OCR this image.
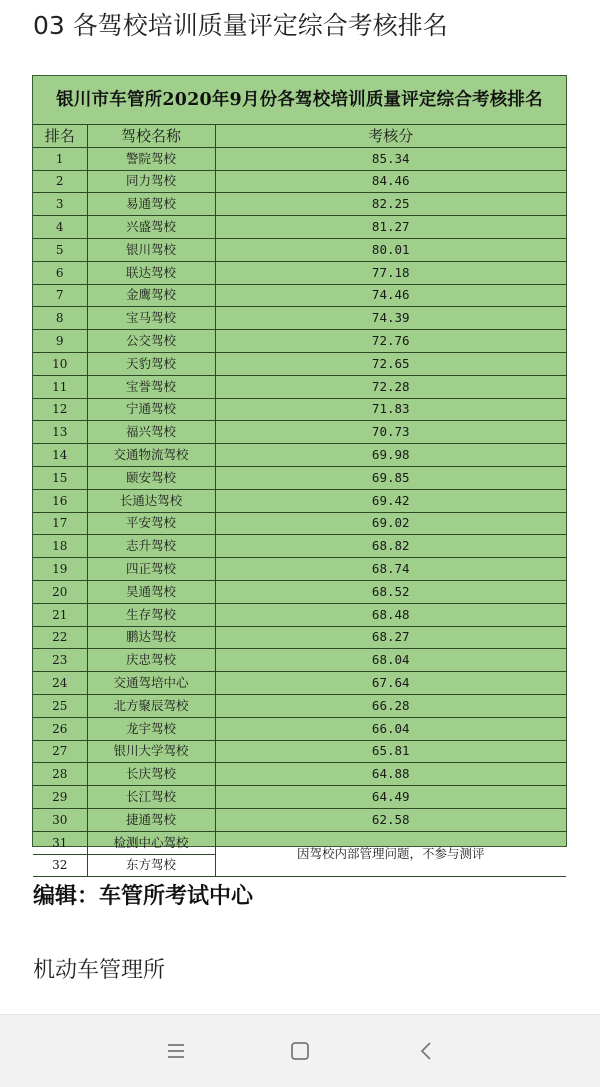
03 各驾校培训质量评定综合考核排名
银川市车管所2020年9月份各驾校培训质量评定综合考核排名
排名	驾校名称	考核分
1	警院驾校	85.34
2	同力驾校	84.46
3	易通驾校	82.25
4	兴盛驾校	81.27
5	银川驾校	80.01
6	联达驾校	77.18
7	金鹰驾校	74.46
8	宝马驾校	74.39
9	公交驾校	72.76
10	天豹驾校	72.65
11	宝誉驾校	72.28
12	宁通驾校	71.83
13	福兴驾校	70.73
14	交通物流驾校	69.98
15	颐安驾校	69.85
16	长通达驾校	69.42
17	平安驾校	69.02
18	志升驾校	68.82
19	四正驾校	68.74
20	昊通驾校	68.52
21	生存驾校	68.48
22	鹏达驾校	68.27
23	庆忠驾校	68.04
24	交通驾培中心	67.64
25	北方聚辰驾校	66.28
26	龙宇驾校	66.04
27	银川大学驾校	65.81
28	长庆驾校	64.88
29	长江驾校	64.49
30	捷通驾校	62.58
31	检测中心驾校	因驾校内部管理问题，不参与测评
32	东方驾校	
编辑：车管所考试中心
机动车管理所
